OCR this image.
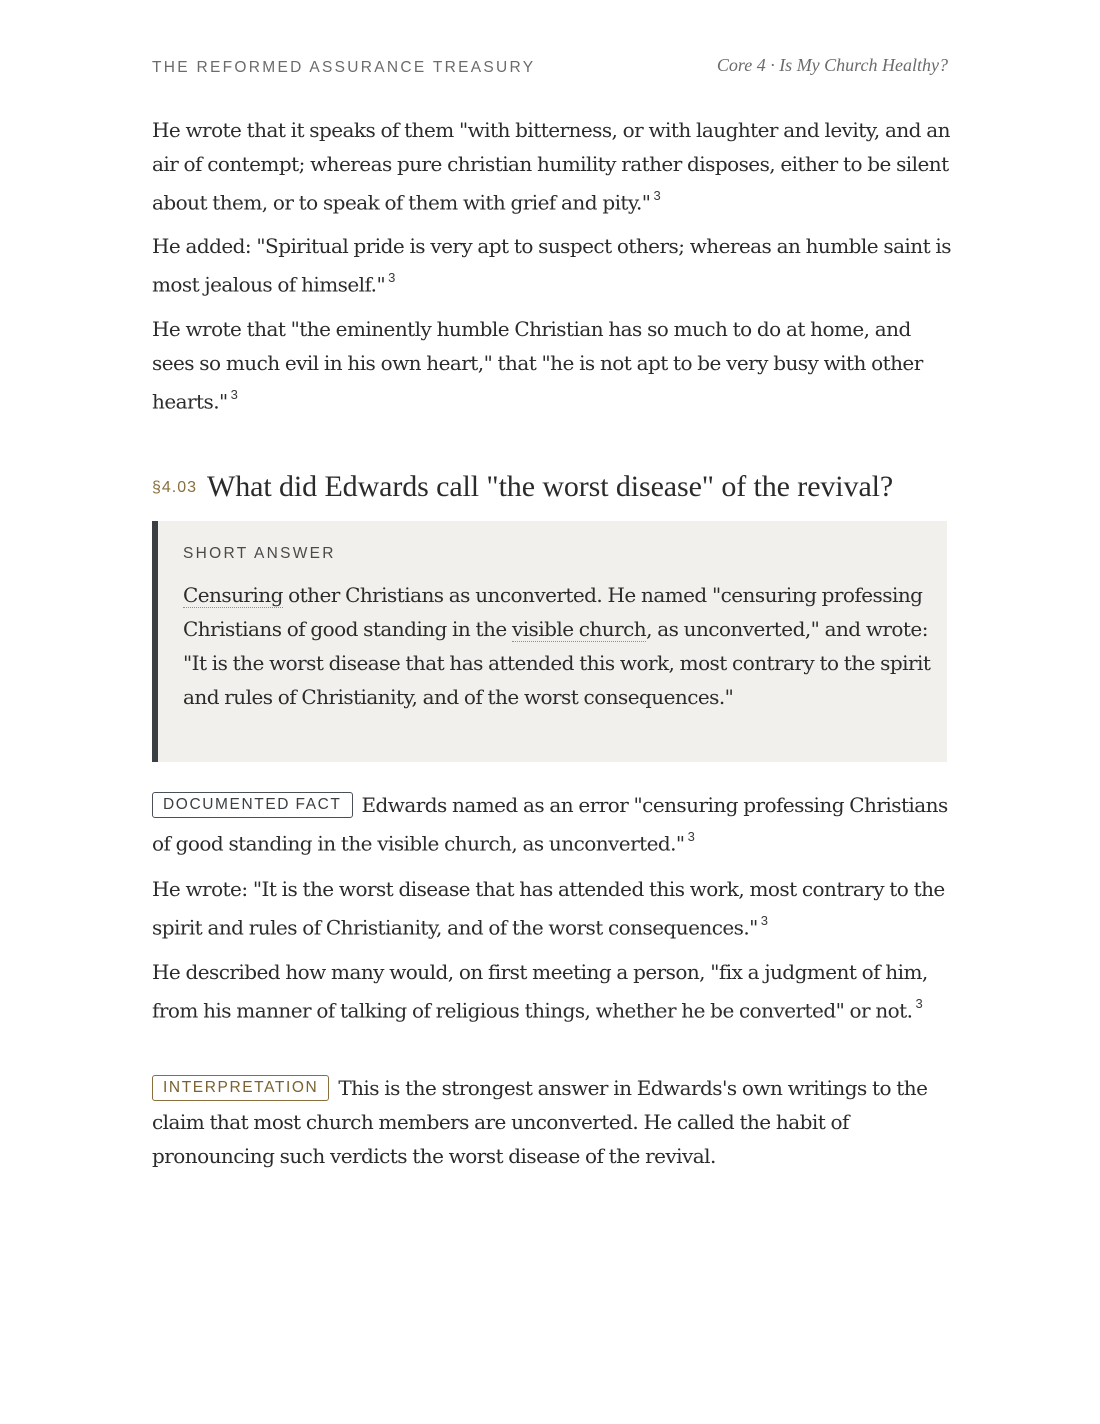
THE REFORMED ASSURANCE TREASURY	Core 4 · Is My Church Healthy?

He wrote that it speaks of them "with bitterness, or with laughter and levity, and an air of contempt; whereas pure christian humility rather disposes, either to be silent about them, or to speak of them with grief and pity." $^3$

He added: "Spiritual pride is very apt to suspect others; whereas an humble saint is most jealous of himself." $^3$

He wrote that "the eminently humble Christian has so much to do at home, and sees so much evil in his own heart," that "he is not apt to be very busy with other hearts." $^3$

§4.03 What did Edwards call "the worst disease" of the revival?
SHORT ANSWER

Censuring other Christians as unconverted. He named "censuring professing Christians of good standing in the visible church, as unconverted," and wrote: "It is the worst disease that has attended this work, most contrary to the spirit and rules of Christianity, and of the worst consequences."

DOCUMENTED FACT Edwards named as an error "censuring professing Christians of good standing in the visible church, as unconverted." $^3$

He wrote: "It is the worst disease that has attended this work, most contrary to the spirit and rules of Christianity, and of the worst consequences." $^3$

He described how many would, on first meeting a person, "fix a judgment of him, from his manner of talking of religious things, whether he be converted" or not. $^3$

INTERPRETATION This is the strongest answer in Edwards's own writings to the claim that most church members are unconverted. He called the habit of pronouncing such verdicts the worst disease of the revival.
